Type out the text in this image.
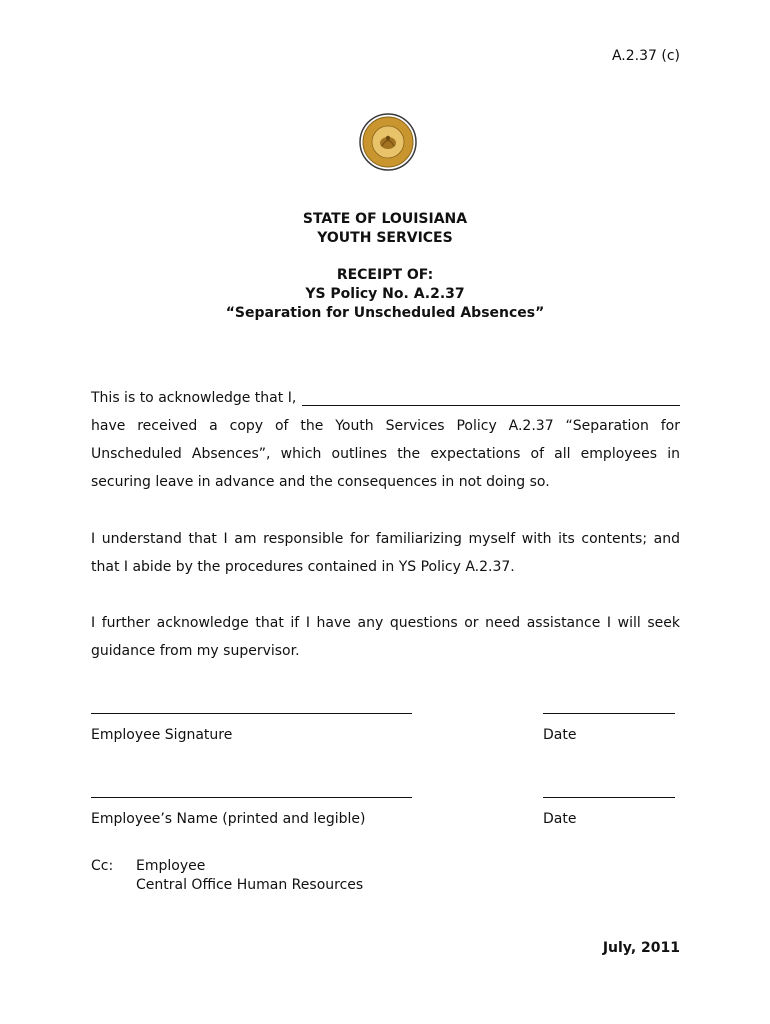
A.2.37 (c)
STATE OF LOUISIANA
YOUTH SERVICES
RECEIPT OF:
YS Policy No. A.2.37
“Separation for Unscheduled Absences”
This is to acknowledge that I,
have received a copy of the Youth Services Policy A.2.37 “Separation for Unscheduled Absences”, which outlines the expectations of all employees in securing leave in advance and the consequences in not doing so.
I understand that I am responsible for familiarizing myself with its contents; and that I abide by the procedures contained in YS Policy A.2.37.
I further acknowledge that if I have any questions or need assistance I will seek guidance from my supervisor.
Employee Signature	Date
Employee’s Name (printed and legible)	Date
Cc:	Employee
Central Office Human Resources
July, 2011
